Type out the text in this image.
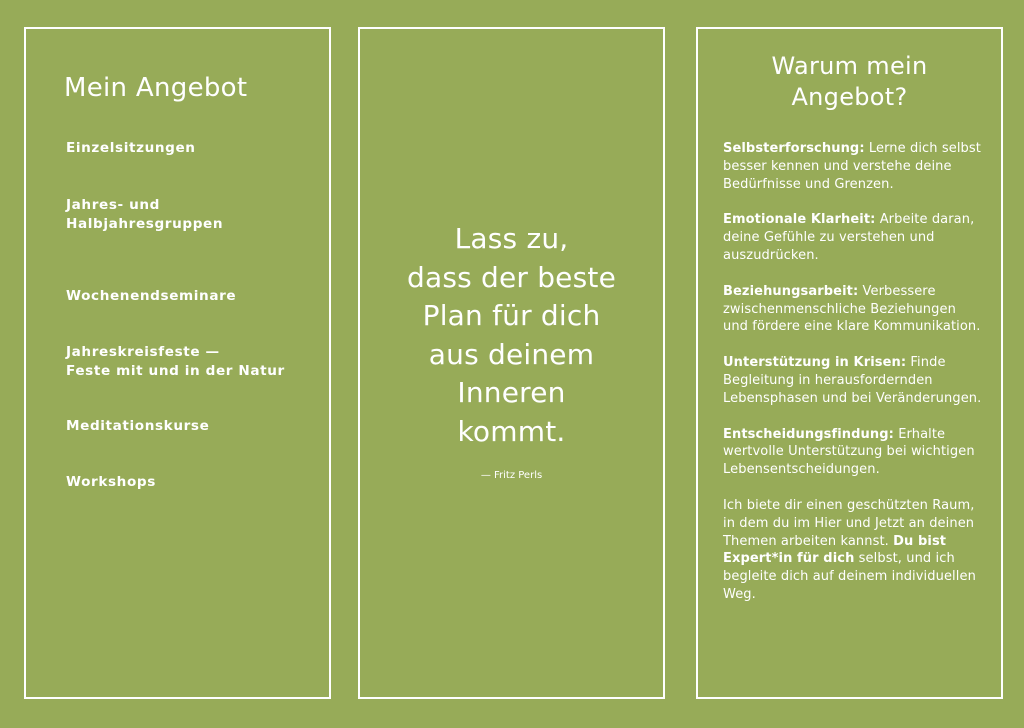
Mein Angebot

Einzelsitzungen

Jahres- und
Halbjahresgruppen

Wochenendseminare

Jahreskreisfeste —
Feste mit und in der Natur

Meditationskurse

Workshops

Lass zu,
dass der beste
Plan für dich
aus deinem
Inneren
kommt.

— Fritz Perls

Warum mein
Angebot?

Selbsterforschung: Lerne dich selbst besser kennen und verstehe deine Bedürfnisse und Grenzen.

Emotionale Klarheit: Arbeite daran, deine Gefühle zu verstehen und auszudrücken.

Beziehungsarbeit: Verbessere zwischenmenschliche Beziehungen und fördere eine klare Kommunikation.

Unterstützung in Krisen: Finde Begleitung in herausfordernden Lebensphasen und bei Veränderungen.

Entscheidungsfindung: Erhalte wertvolle Unterstützung bei wichtigen Lebensentscheidungen.

Ich biete dir einen geschützten Raum, in dem du im Hier und Jetzt an deinen Themen arbeiten kannst. Du bist Expert*in für dich selbst, und ich begleite dich auf deinem individuellen Weg.
